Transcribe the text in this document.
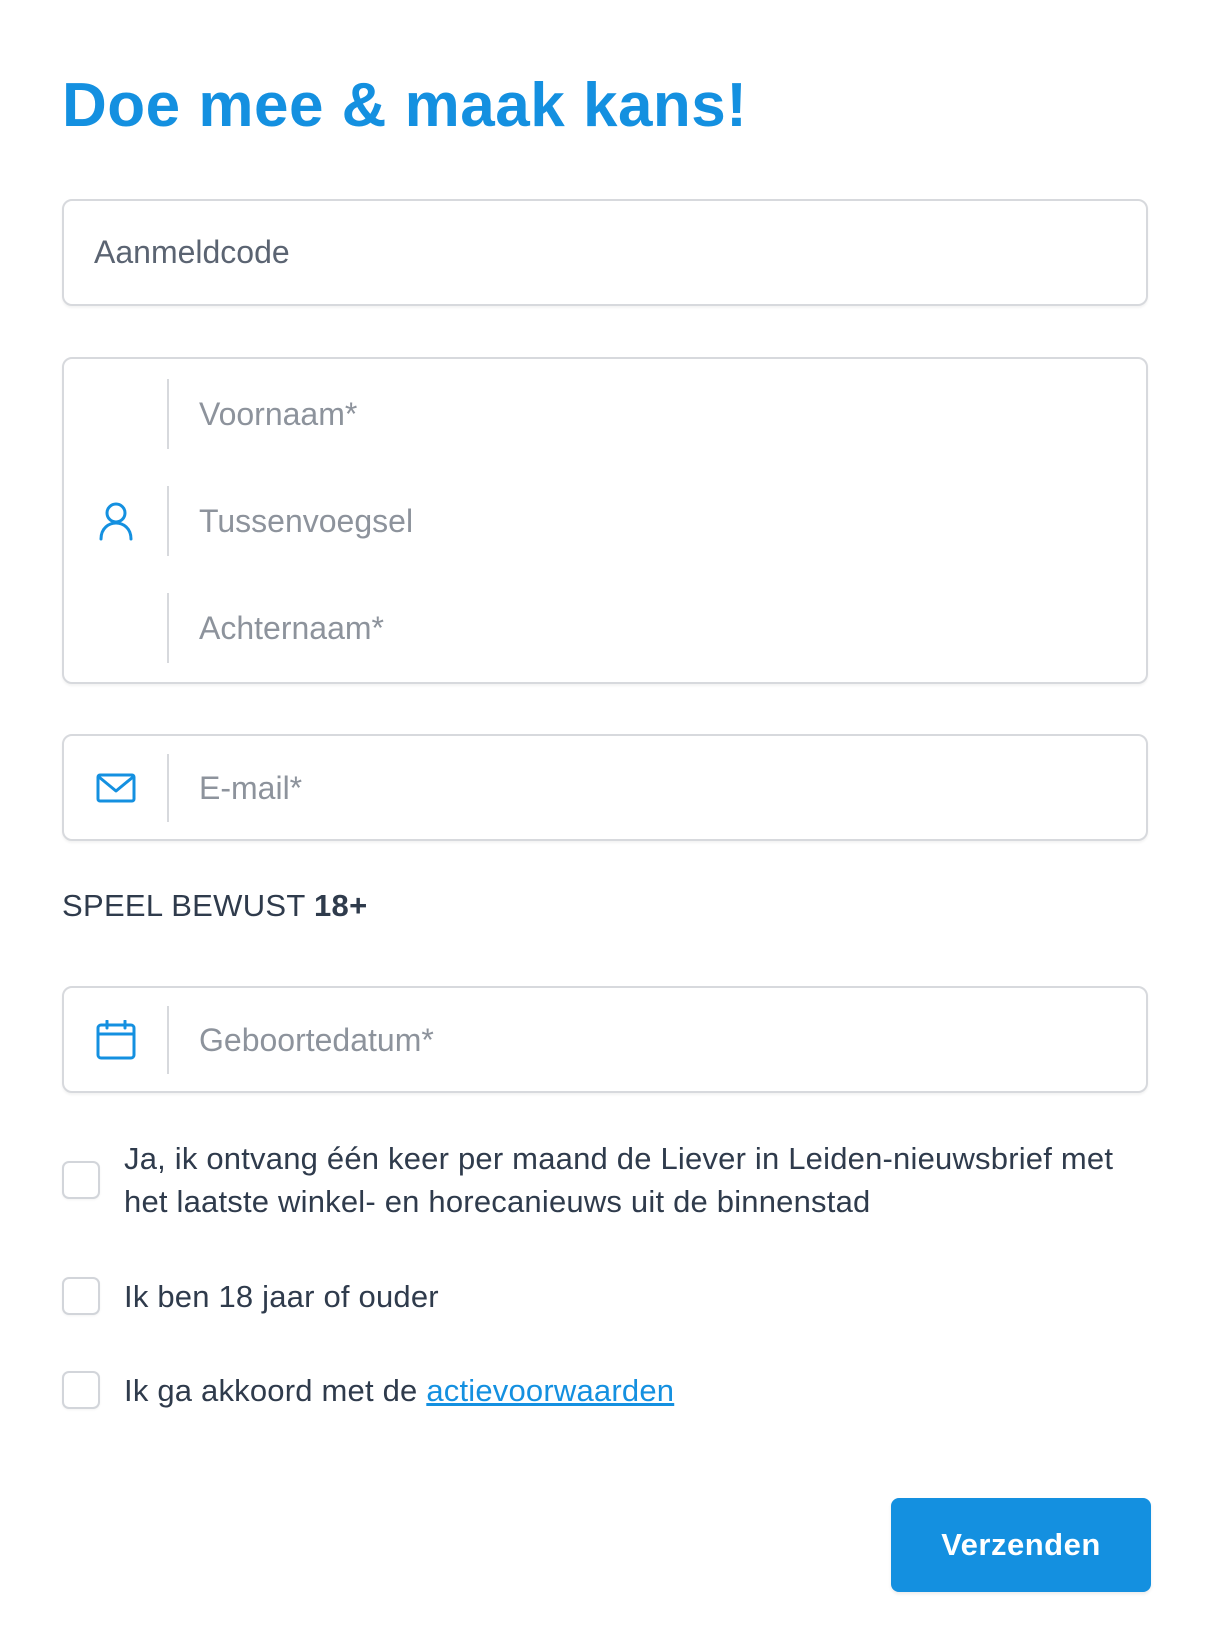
Doe mee & maak kans!
Aanmeldcode
Voornaam*
Tussenvoegsel
Achternaam*
E-mail*
SPEEL BEWUST 18+
Geboortedatum*
Ja, ik ontvang één keer per maand de Liever in Leiden-nieuwsbrief met het laatste winkel- en horecanieuws uit de binnenstad
Ik ben 18 jaar of ouder
Ik ga akkoord met de actievoorwaarden
Verzenden
